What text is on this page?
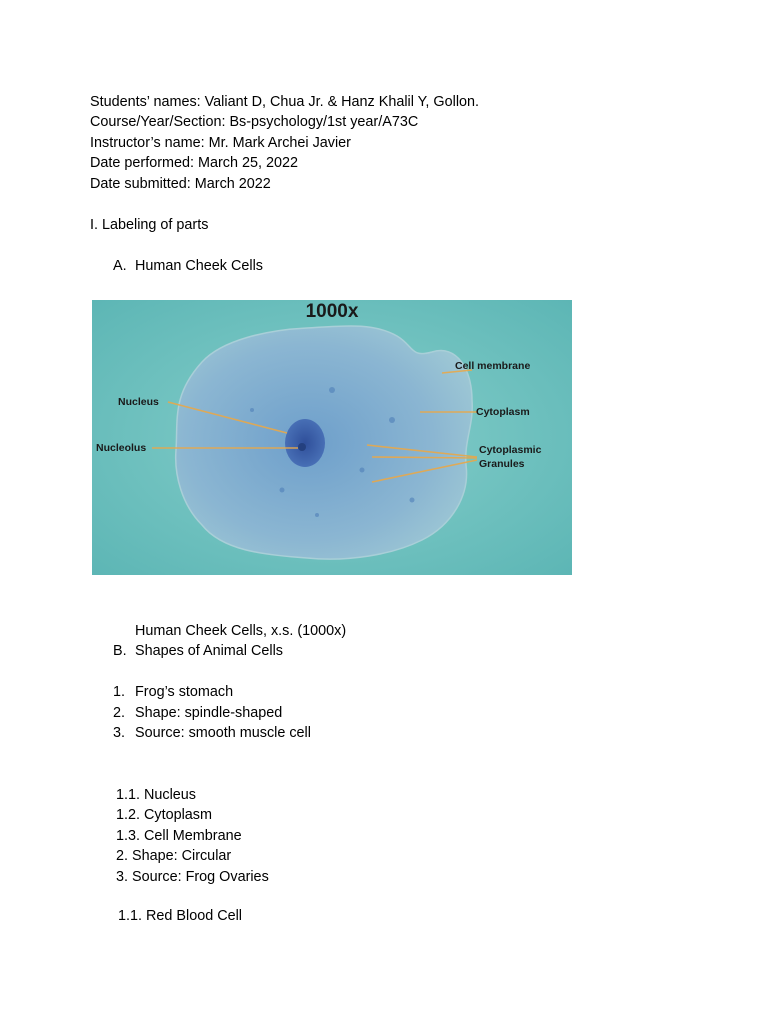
Students’ names: Valiant D, Chua Jr. & Hanz Khalil Y, Gollon.
Course/Year/Section: Bs-psychology/1st year/A73C
Instructor’s name: Mr. Mark Archei Javier
Date performed: March 25, 2022
Date submitted: March 2022
I. Labeling of parts
A. Human Cheek Cells
1000x
Cell membrane
Nucleus
Cytoplasm
Nucleolus	Cytoplasmic
Granules
Human Cheek Cells, x.s. (1000x)
B. Shapes of Animal Cells
1. Frog’s stomach
2. Shape: spindle-shaped
3. Source: smooth muscle cell
1.1. Nucleus
1.2. Cytoplasm
1.3. Cell Membrane
2. Shape: Circular
3. Source: Frog Ovaries
1.1. Red Blood Cell
